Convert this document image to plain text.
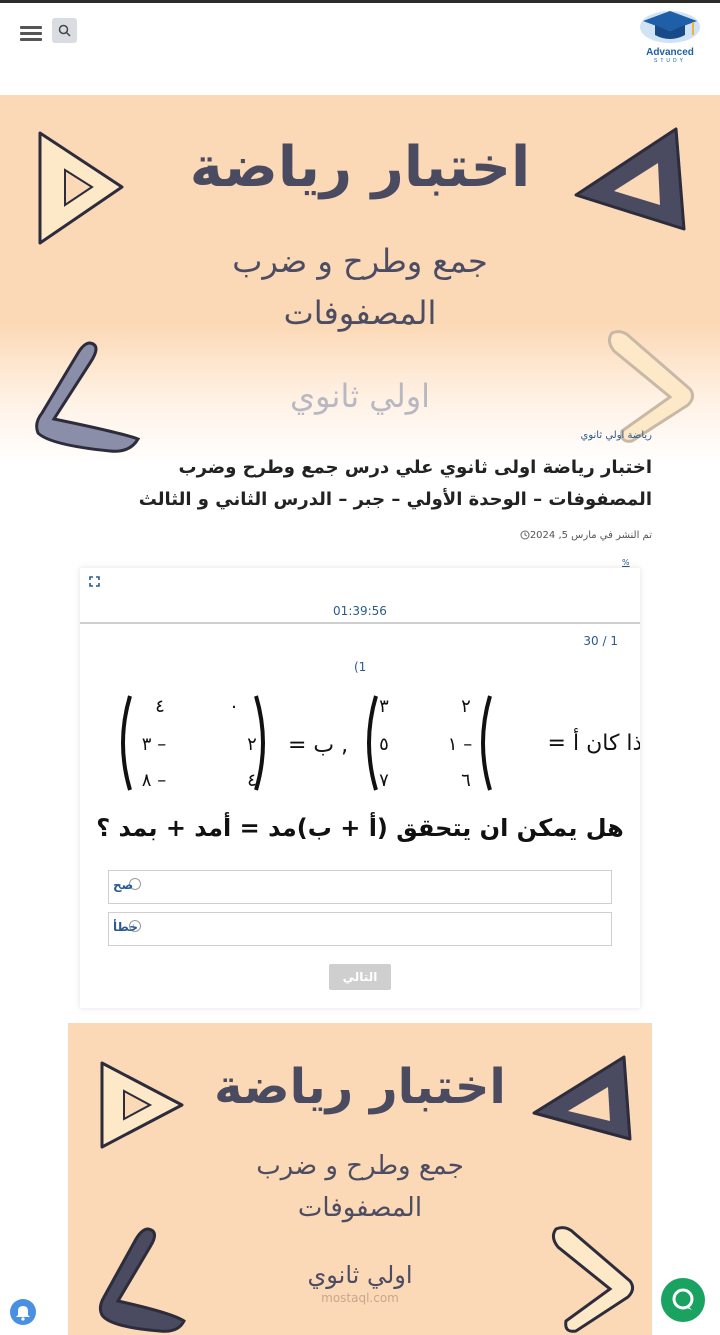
Advanced
STUDY
اختبار رياضة
جمع وطرح و ضرب
المصفوفات
اولي ثانوي
رياضة اولي ثانوي
اختبار رياضة اولى ثانوي علي درس جمع وطرح وضرب المصفوفات – الوحدة الأولي – جبر – الدرس الثاني و الثالث
تم النشر في مارس 5, 2024
%
01:39:56
30 / 1
(1
اذا كان أ =
٢
٣
١ –
٥
٦
٧
, ب =
٠
٤
٢
٣ –
٤
٨ –
هل يمكن ان يتحقق (أ + ب)مد = أمد + بمد ؟
صح
خطأ
التالي
اختبار رياضة
جمع وطرح و ضرب
المصفوفات
اولي ثانوي
mostaql.com
